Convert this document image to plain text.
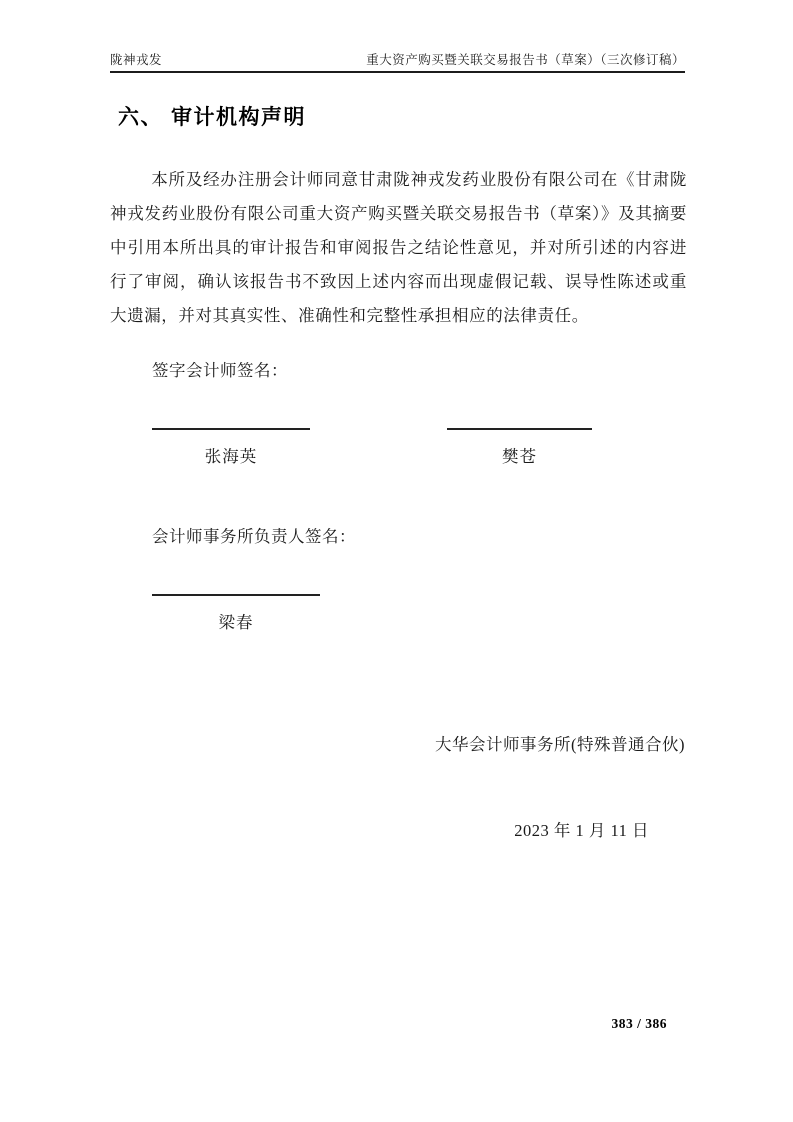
陇神戎发	重大资产购买暨关联交易报告书（草案）（三次修订稿）
六、 审计机构声明

本所及经办注册会计师同意甘肃陇神戎发药业股份有限公司在《甘肃陇神戎发药业股份有限公司重大资产购买暨关联交易报告书（草案）》及其摘要中引用本所出具的审计报告和审阅报告之结论性意见，并对所引述的内容进行了审阅，确认该报告书不致因上述内容而出现虚假记载、误导性陈述或重大遗漏，并对其真实性、准确性和完整性承担相应的法律责任。

签字会计师签名：
张海英	樊苍
会计师事务所负责人签名：
梁春
大华会计师事务所(特殊普通合伙)
2023 年 1 月 11 日
383 / 386
